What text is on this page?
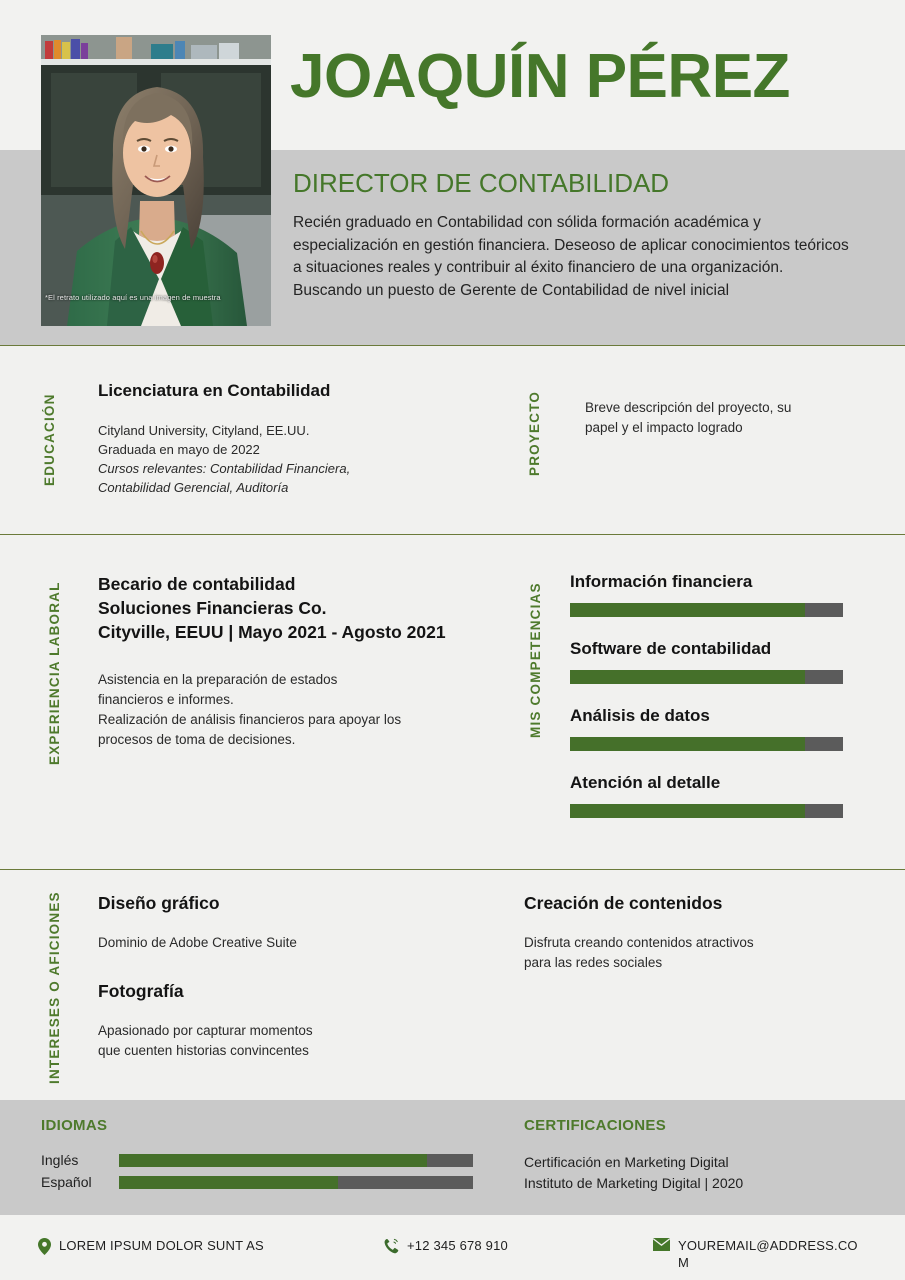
*El retrato utilizado aquí es una imagen de muestra
JOAQUÍN PÉREZ
DIRECTOR DE CONTABILIDAD
Recién graduado en Contabilidad con sólida formación académica y especialización en gestión financiera. Deseoso de aplicar conocimientos teóricos a situaciones reales y contribuir al éxito financiero de una organización. Buscando un puesto de Gerente de Contabilidad de nivel inicial
EDUCACIÓN
Licenciatura en Contabilidad
Cityland University, Cityland, EE.UU.
Graduada en mayo de 2022
Cursos relevantes: Contabilidad Financiera,
Contabilidad Gerencial, Auditoría
PROYECTO	Breve descripción del proyecto, su
papel y el impacto logrado
EXPERIENCIA LABORAL Becario de contabilidad
Soluciones Financieras Co.
Cityville, EEUU | Mayo 2021 - Agosto 2021
Asistencia en la preparación de estados
financieros e informes.
Realización de análisis financieros para apoyar los
procesos de toma de decisiones.
MIS COMPETENCIAS
Información financiera
Software de contabilidad
Análisis de datos
Atención al detalle
INTERESES O AFICIONES Diseño gráfico
Dominio de Adobe Creative Suite
Creación de contenidos
Disfruta creando contenidos atractivos
para las redes sociales
Fotografía
Apasionado por capturar momentos
que cuenten historias convincentes
IDIOMAS
Inglés
Español
CERTIFICACIONES
Certificación en Marketing Digital
Instituto de Marketing Digital | 2020
LOREM IPSUM DOLOR SUNT AS	+12 345 678 910	YOUREMAIL@ADDRESS.COM
